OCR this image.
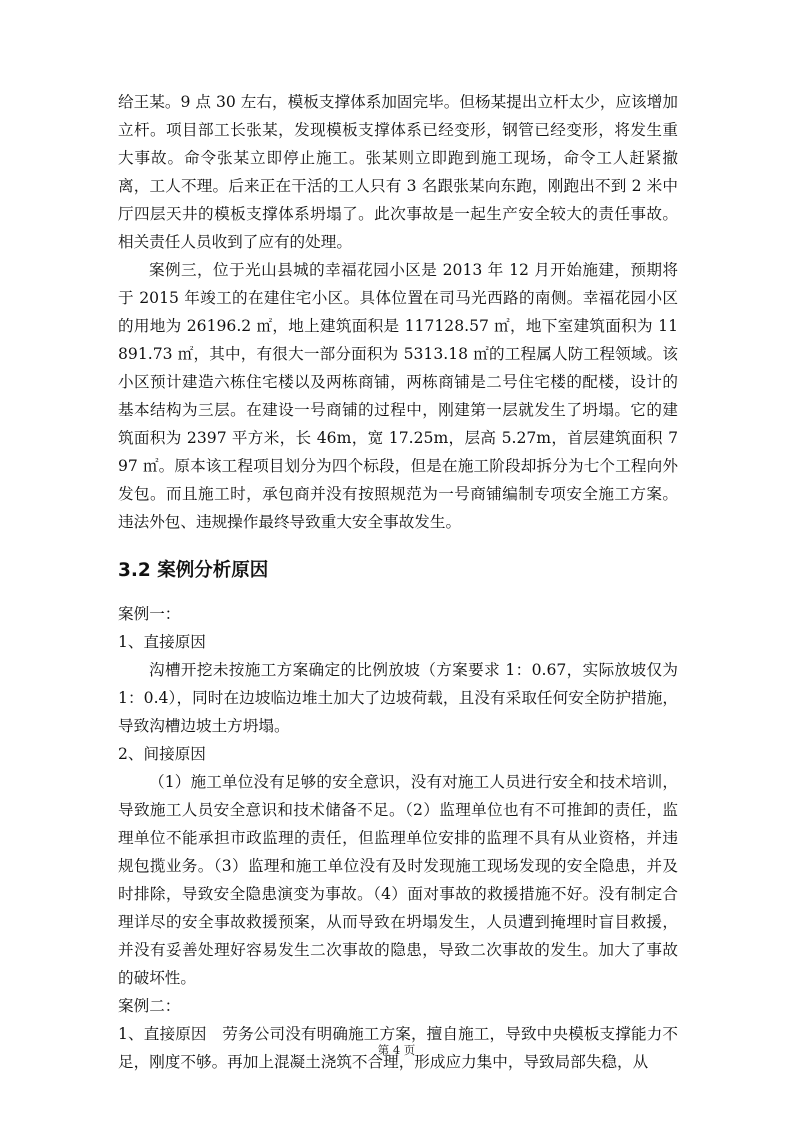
给王某。9 点 30 左右，模板支撑体系加固完毕。但杨某提出立杆太少，应该增加立杆。项目部工长张某，发现模板支撑体系已经变形，钢管已经变形，将发生重大事故。命令张某立即停止施工。张某则立即跑到施工现场，命令工人赶紧撤离，工人不理。后来正在干活的工人只有 3 名跟张某向东跑，刚跑出不到 2 米中厅四层天井的模板支撑体系坍塌了。此次事故是一起生产安全较大的责任事故。相关责任人员收到了应有的处理。

案例三，位于光山县城的幸福花园小区是 2013 年 12 月开始施建，预期将于 2015 年竣工的在建住宅小区。具体位置在司马光西路的南侧。幸福花园小区的用地为 26196.2 ㎡，地上建筑面积是 117128.57 ㎡，地下室建筑面积为 11891.73 ㎡，其中，有很大一部分面积为 5313.18 ㎡的工程属人防工程领域。该小区预计建造六栋住宅楼以及两栋商铺，两栋商铺是二号住宅楼的配楼，设计的基本结构为三层。在建设一号商铺的过程中，刚建第一层就发生了坍塌。它的建筑面积为 2397 平方米，长 46m，宽 17.25m，层高 5.27m，首层建筑面积 797 ㎡。原本该工程项目划分为四个标段，但是在施工阶段却拆分为七个工程向外发包。而且施工时，承包商并没有按照规范为一号商铺编制专项安全施工方案。违法外包、违规操作最终导致重大安全事故发生。

3.2 案例分析原因

案例一：

1、直接原因

沟槽开挖未按施工方案确定的比例放坡（方案要求 1：0.67，实际放坡仅为 1：0.4），同时在边坡临边堆土加大了边坡荷载，且没有采取任何安全防护措施，导致沟槽边坡土方坍塌。

2、间接原因

（1）施工单位没有足够的安全意识，没有对施工人员进行安全和技术培训，导致施工人员安全意识和技术储备不足。（2）监理单位也有不可推卸的责任，监理单位不能承担市政监理的责任，但监理单位安排的监理不具有从业资格，并违规包揽业务。（3）监理和施工单位没有及时发现施工现场发现的安全隐患，并及时排除，导致安全隐患演变为事故。（4）面对事故的救援措施不好。没有制定合理详尽的安全事故救援预案，从而导致在坍塌发生，人员遭到掩埋时盲目救援，并没有妥善处理好容易发生二次事故的隐患，导致二次事故的发生。加大了事故的破坏性。

案例二：

1、直接原因　劳务公司没有明确施工方案，擅自施工，导致中央模板支撑能力不足，刚度不够。再加上混凝土浇筑不合理，形成应力集中，导致局部失稳，从

第 4 页
